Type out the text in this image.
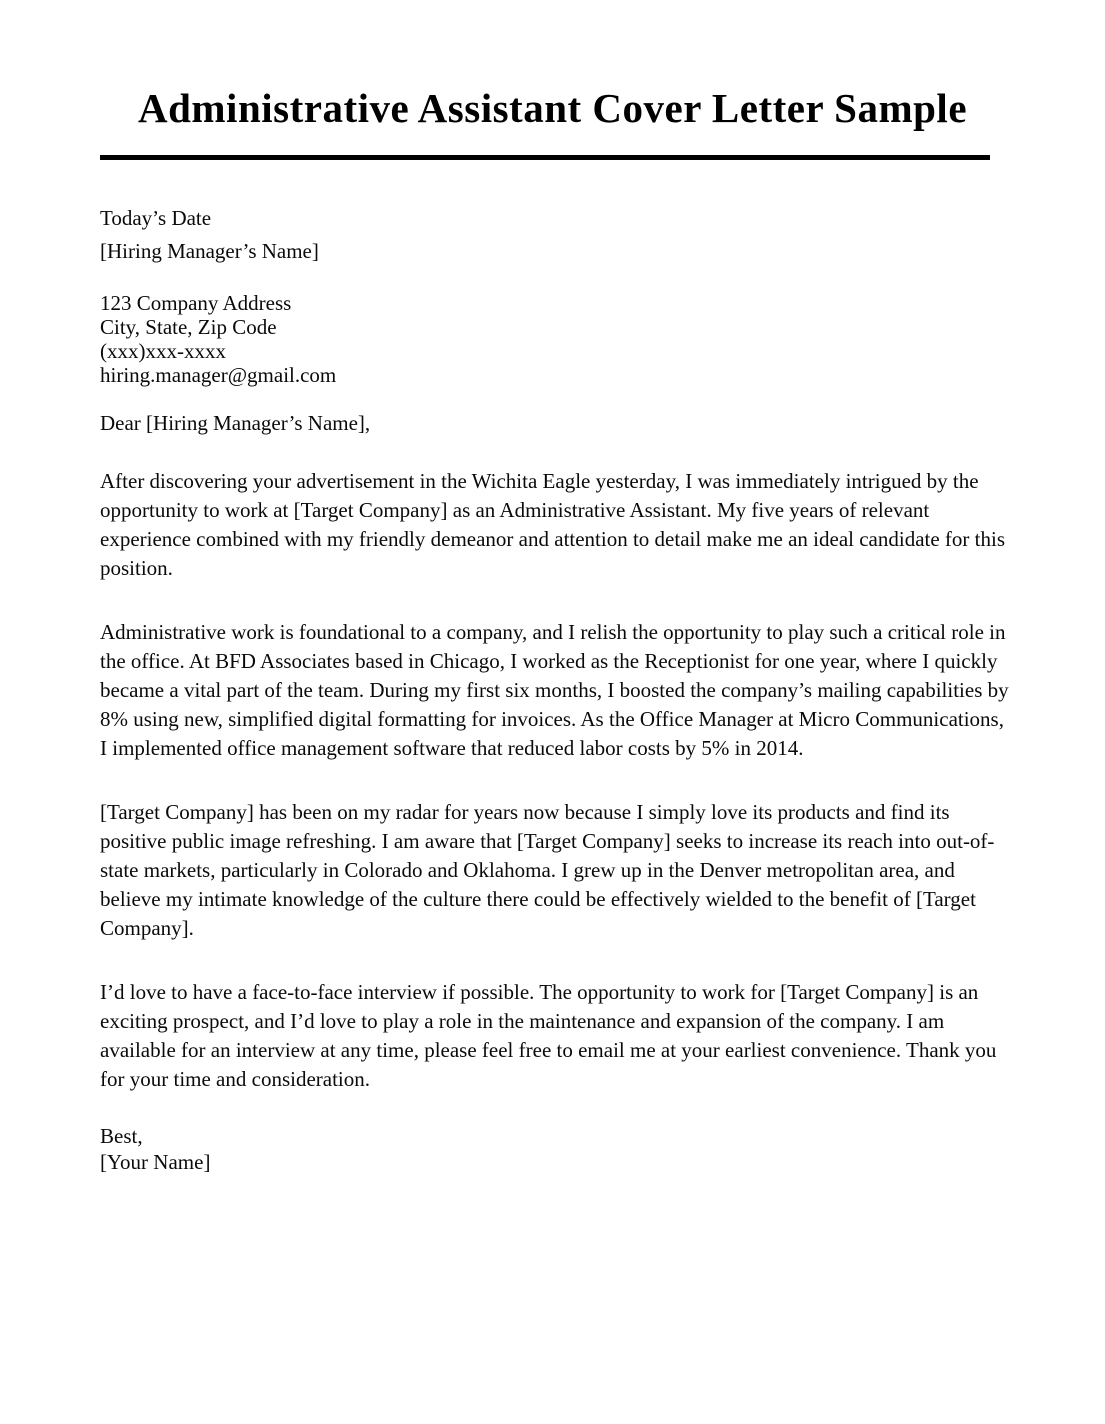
Administrative Assistant Cover Letter Sample

Today’s Date

[Hiring Manager’s Name]

123 Company Address

City, State, Zip Code

(xxx)xxx-xxxx

hiring.manager@gmail.com

Dear [Hiring Manager’s Name],

After discovering your advertisement in the Wichita Eagle yesterday, I was immediately intrigued by the opportunity to work at [Target Company] as an Administrative Assistant. My five years of relevant experience combined with my friendly demeanor and attention to detail make me an ideal candidate for this position.

Administrative work is foundational to a company, and I relish the opportunity to play such a critical role in the office. At BFD Associates based in Chicago, I worked as the Receptionist for one year, where I quickly became a vital part of the team. During my first six months, I boosted the company’s mailing capabilities by 8% using new, simplified digital formatting for invoices. As the Office Manager at Micro Communications, I implemented office management software that reduced labor costs by 5% in 2014.

[Target Company] has been on my radar for years now because I simply love its products and find its positive public image refreshing. I am aware that [Target Company] seeks to increase its reach into out-of-state markets, particularly in Colorado and Oklahoma. I grew up in the Denver metropolitan area, and believe my intimate knowledge of the culture there could be effectively wielded to the benefit of [Target Company].

I’d love to have a face-to-face interview if possible. The opportunity to work for [Target Company] is an exciting prospect, and I’d love to play a role in the maintenance and expansion of the company. I am available for an interview at any time, please feel free to email me at your earliest convenience. Thank you for your time and consideration.

Best,

[Your Name]
